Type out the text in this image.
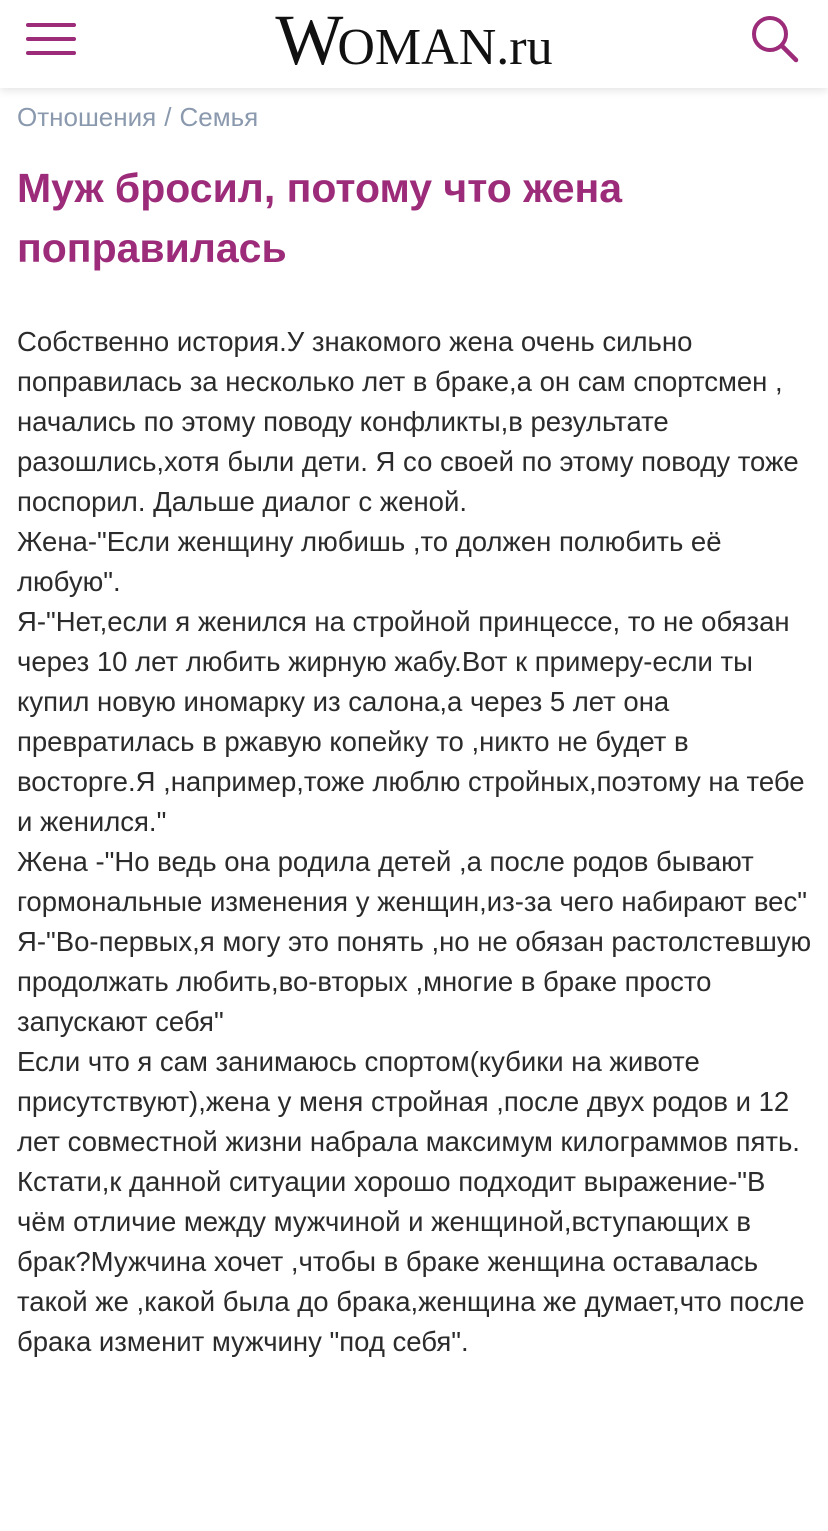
WOMAN.ru
Отношения / Семья
Муж бросил, потому что жена поправилась

Собственно история.У знакомого жена очень сильно поправилась за несколько лет в браке,а он сам спортсмен , начались по этому поводу конфликты,в результате разошлись,хотя были дети. Я со своей по этому поводу тоже поспорил. Дальше диалог с женой.
Жена-"Если женщину любишь ,то должен полюбить её любую".
Я-"Нет,если я женился на стройной принцессе, то не обязан через 10 лет любить жирную жабу.Вот к примеру-если ты купил новую иномарку из салона,а через 5 лет она превратилась в ржавую копейку то ,никто не будет в восторге.Я ,например,тоже люблю стройных,поэтому на тебе и женился."
Жена -"Но ведь она родила детей ,а после родов бывают гормональные изменения у женщин,из-за чего набирают вес"
Я-"Во-первых,я могу это понять ,но не обязан растолстевшую продолжать любить,во-вторых ,многие в браке просто запускают себя"
Если что я сам занимаюсь спортом(кубики на животе присутствуют),жена у меня стройная ,после двух родов и 12 лет совместной жизни набрала максимум килограммов пять.
Кстати,к данной ситуации хорошо подходит выражение-"В чём отличие между мужчиной и женщиной,вступающих в брак?Мужчина хочет ,чтобы в браке женщина оставалась такой же ,какой была до брака,женщина же думает,что после брака изменит мужчину "под себя".
